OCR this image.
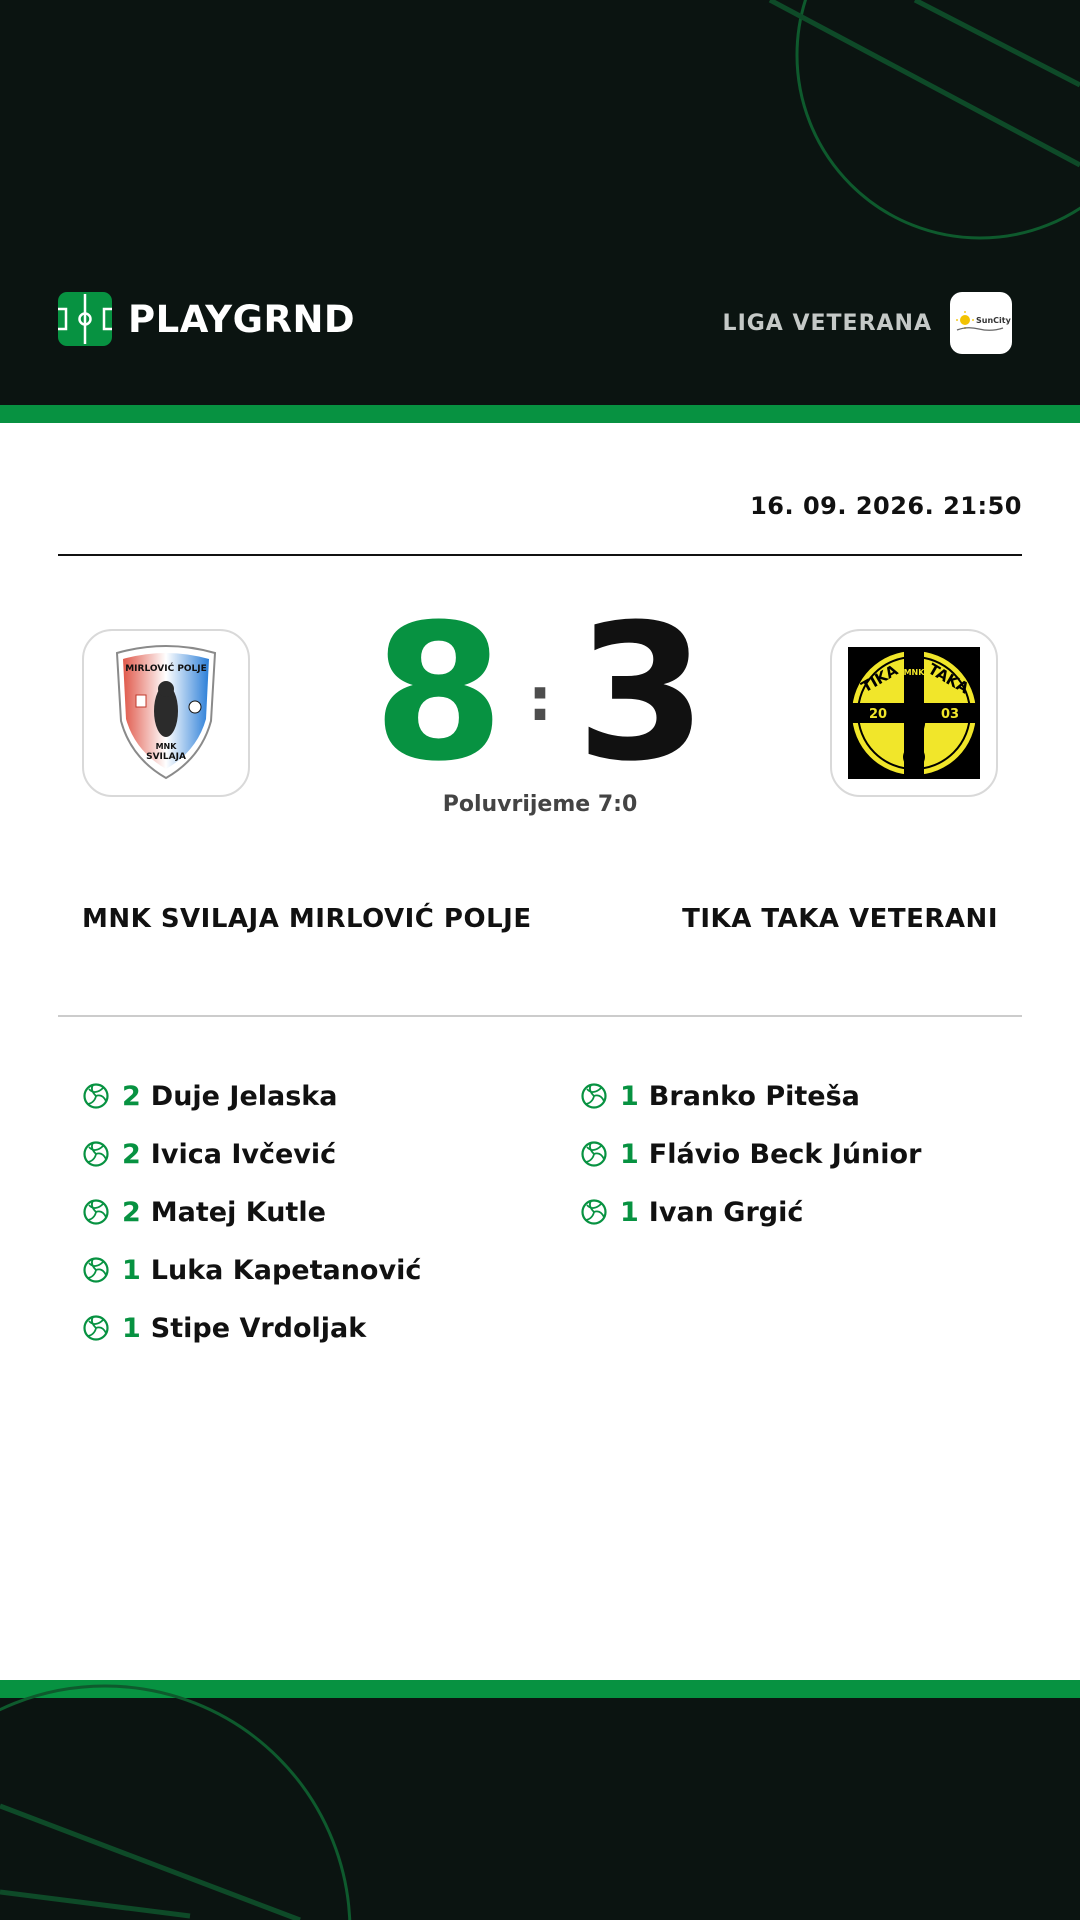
PLAYGRND	LIGA VETERANA	SunCity
16. 09. 2026. 21:50
MIRLOVIĆ POLJE
MNK
SVILAJA 8 : 3
Poluvrijeme 7:0
TIKA TAKA
MNK
20	03
MNK SVILAJA MIRLOVIĆ POLJE	TIKA TAKA VETERANI
2 Duje Jelaska
2 Ivica Ivčević
2 Matej Kutle
1 Luka Kapetanović
1 Stipe Vrdoljak
1 Branko Piteša
1 Flávio Beck Júnior
1 Ivan Grgić
